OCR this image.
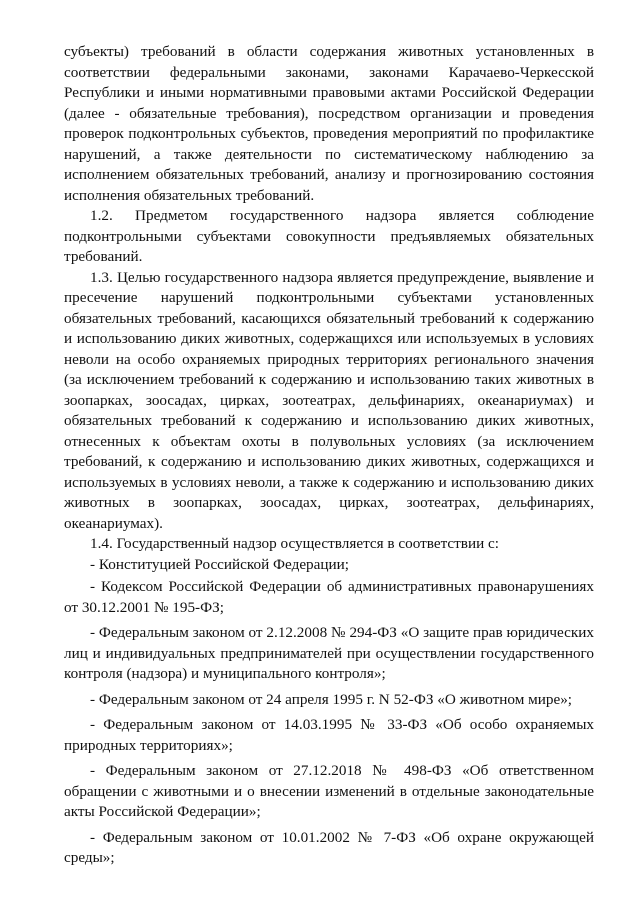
субъекты) требований в области содержания животных установленных в соответствии федеральными законами, законами Карачаево-Черкесской Республики и иными нормативными правовыми актами Российской Федерации (далее - обязательные требования), посредством организации и проведения проверок подконтрольных субъектов, проведения мероприятий по профилактике нарушений, а также деятельности по систематическому наблюдению за исполнением обязательных требований, анализу и прогнозированию состояния исполнения обязательных требований.

1.2. Предметом государственного надзора является соблюдение подконтрольными субъектами совокупности предъявляемых обязательных требований.

1.3. Целью государственного надзора является предупреждение, выявление и пресечение нарушений подконтрольными субъектами установленных обязательных требований, касающихся обязательный требований к содержанию и использованию диких животных, содержащихся или используемых в условиях неволи на особо охраняемых природных территориях регионального значения (за исключением требований к содержанию и использованию таких животных в зоопарках, зоосадах, цирках, зоотеатрах, дельфинариях, океанариумах) и обязательных требований к содержанию и использованию диких животных, отнесенных к объектам охоты в полувольных условиях (за исключением требований, к содержанию и использованию диких животных, содержащихся и используемых в условиях неволи, а также к содержанию и использованию диких животных в зоопарках, зоосадах, цирках, зоотеатрах, дельфинариях, океанариумах).

1.4. Государственный надзор осуществляется в соответствии с:

- Конституцией Российской Федерации;

- Кодексом Российской Федерации об административных правонарушениях от 30.12.2001 № 195-ФЗ;

- Федеральным законом от 2.12.2008 № 294-ФЗ «О защите прав юридических лиц и индивидуальных предпринимателей при осуществлении государственного контроля (надзора) и муниципального контроля»;

- Федеральным законом от 24 апреля 1995 г. N 52-ФЗ «О животном мире»;

- Федеральным законом от 14.03.1995 № 33-ФЗ «Об особо охраняемых природных территориях»;

- Федеральным законом от 27.12.2018 № 498-ФЗ «Об ответственном обращении с животными и о внесении изменений в отдельные законодательные акты Российской Федерации»;

- Федеральным законом от 10.01.2002 № 7-ФЗ «Об охране окружающей среды»;
